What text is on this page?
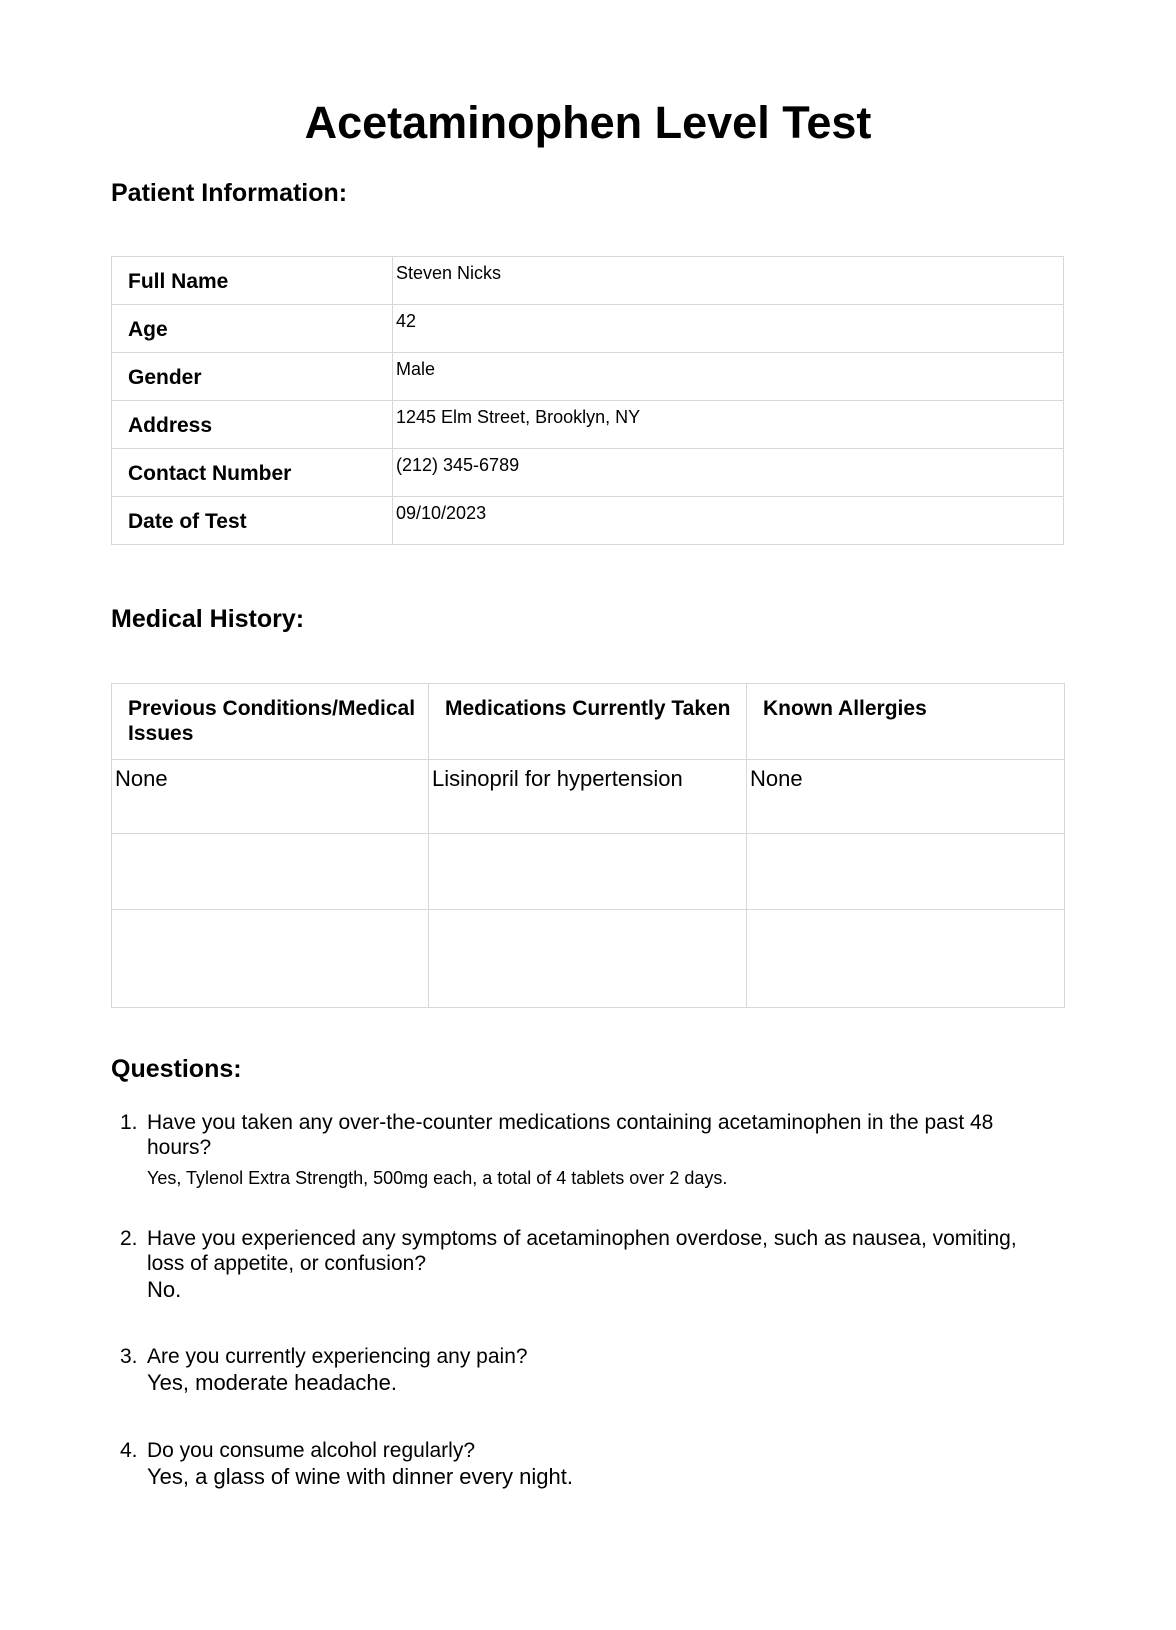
Acetaminophen Level Test
Patient Information:
Full Name	Steven Nicks
Age	42
Gender	Male
Address	1245 Elm Street, Brooklyn, NY
Contact Number	(212) 345-6789
Date of Test	09/10/2023
Medical History:
Previous Conditions/Medical Issues	Medications Currently Taken	Known Allergies
None	Lisinopril for hypertension	None

Questions:
1. Have you taken any over-the-counter medications containing acetaminophen in the past 48 hours?
Yes, Tylenol Extra Strength, 500mg each, a total of 4 tablets over 2 days.
2. Have you experienced any symptoms of acetaminophen overdose, such as nausea, vomiting, loss of appetite, or confusion?
No.
3. Are you currently experiencing any pain?
Yes, moderate headache.
4. Do you consume alcohol regularly?
Yes, a glass of wine with dinner every night.
